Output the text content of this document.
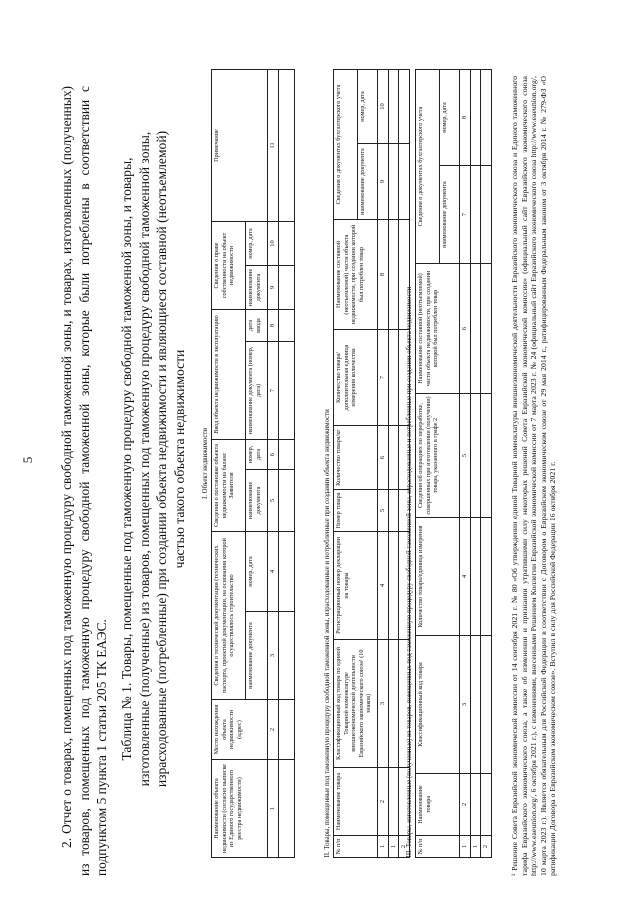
5 2. Отчет о товарах, помещенных под таможенную процедуру свободной таможенной зоны, и товарах, изготовленных (полученных) из товаров, помещенных под таможенную процедуру свободной таможенной зоны, которые были потреблены в соответствии с подпунктом 5 пункта 1 статьи 205 ТК ЕАЭС. Таблица № 1. Товары, помещенные под таможенную процедуру свободной таможенной зоны, и товары, изготовленные (полученные) из товаров, помещенных под таможенную процедуру свободной таможенной зоны, израсходованные (потребленные) при создании объекта недвижимости и являющиеся составной (неотъемлемой) частью такого объекта недвижимости I. Объект недвижимости										
Наименование объекта недвижимости (согласно выписке из Единого государственного реестра недвижимости)	Место нахождения объекта недвижимости (адрес)	Сведения о технической документации (технических паспорта, проектной документации, на основании которой осуществлялось строительство		Сведения о постановке объекта недвижимости на баланс Заявителя		Ввод объекта недвижимости в эксплуатацию		Сведения о праве собственности на объект недвижимости		Примечание
		наименование документа	номер, дата	наименование документа	номер, дата	наименование документа (номер, дата)	дата ввода	наименование документа	номер, дата	
1	2	3	4	5	6	7	8	9	10	11

II. Товары, помещенные под таможенную процедуру свободной таможенной зоны, израсходованные и потребленные при создании объекта недвижимости									
№ п/п	Наименование товара	Классификационный код товара по единой Товарной номенклатуре внешнеэкономической деятельности Евразийского экономического союза¹ (10 знаков)	Регистрационный номер декларации на товары	Номер товара	Количество товара/кг	Количество товара/дополнительная единица измерения количества	Наименование составной (неотъемлемой) части объекта недвижимости, при создании которой был потреблен товар	Сведения о документах бухгалтерского учета	
								наименование документа	номер, дата
1	2	3	4	5	6	7	8	9	10
1									
2									
III. Товары, изготовленные (полученные) из товаров, помещенных под таможенную процедуру свободной таможенной зоны, израсходованные и потребленные при создании объекта недвижимости							
№ п/п	Наименование товара	Классификационный код товара	Количество товара/единица измерения	Сведения об операциях по переработке, совершенных при изготовлении (получении) товара, указанного в графе 2	Наименование составной (неотъемлемой) части объекта недвижимости, при создании которой был потреблен товар	Сведения о документах бухгалтерского учета	
						наименование документа	номер, дата
1	2	3	4	5	6	7	8
1							
2								¹ Решение Совета Евразийской экономической комиссии от 14 сентября 2021 г. № 80 «Об утверждении единой Товарной номенклатуры внешнеэкономической деятельности Евразийского экономического союза и Единого таможенного тарифа Евразийского экономического союза, а также об изменении и признании утратившими силу некоторых решений Совета Евразийской экономической комиссии» (официальный сайт Евразийского экономического союза http://www.eaeunion.org/, 6 октября 2021 г.), с изменениями, внесенными Решением Коллегии Евразийской экономической комиссии от 7 марта 2023 г. № 24 (официальный сайт Евразийского экономического союза http://www.eaeunion.org/, 10 марта 2023 г.). Является обязательным для Российской Федерации в соответствии с Договором о Евразийском экономическом союзе от 29 мая 2014 г., ратифицированным Федеральным законом от 3 октября 2014 г. № 279-ФЗ «О ратификации Договора о Евразийском экономическом союзе». Вступил в силу для Российской Федерации 16 октября 2021 г.
